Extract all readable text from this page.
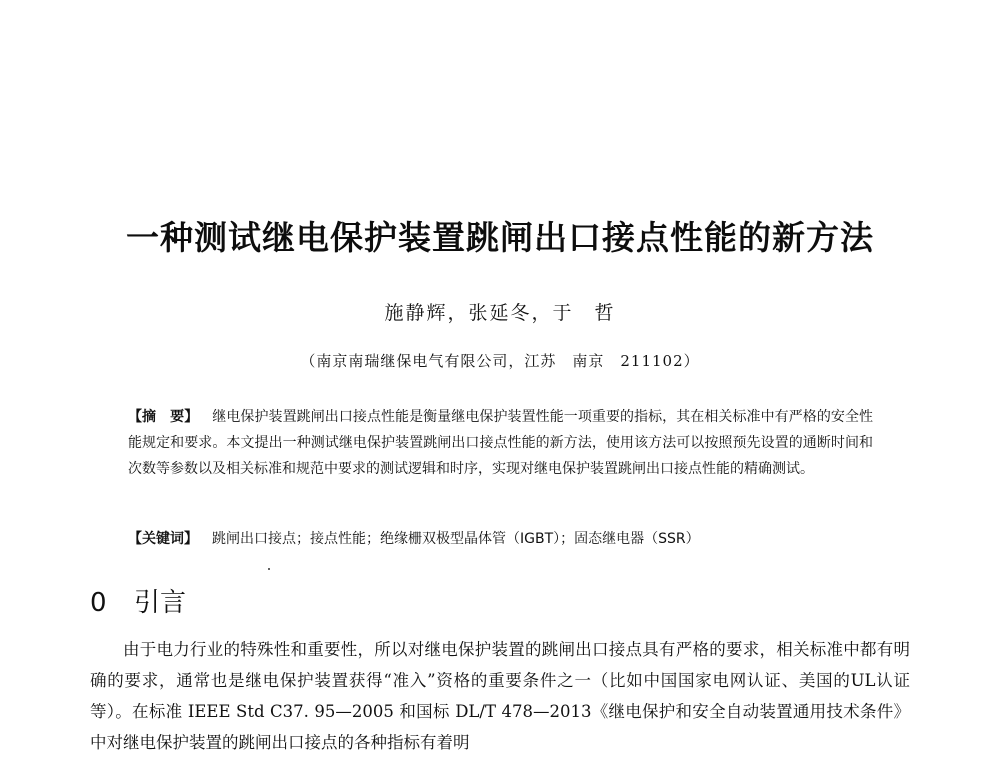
一种测试继电保护装置跳闸出口接点性能的新方法
施静辉，张延冬，于　哲
（南京南瑞继保电气有限公司，江苏　南京　211102）
【摘　要】 继电保护装置跳闸出口接点性能是衡量继电保护装置性能一项重要的指标，其在相关标准中有严格的安全性能规定和要求。本文提出一种测试继电保护装置跳闸出口接点性能的新方法，使用该方法可以按照预先设置的通断时间和次数等参数以及相关标准和规范中要求的测试逻辑和时序，实现对继电保护装置跳闸出口接点性能的精确测试。
【关键词】 跳闸出口接点；接点性能；绝缘栅双极型晶体管（IGBT）；固态继电器（SSR）
0 引言

由于电力行业的特殊性和重要性，所以对继电保护装置的跳闸出口接点具有严格的要求，相关标准中都有明确的要求，通常也是继电保护装置获得“准入”资格的重要条件之一（比如中国国家电网认证、美国的UL认证等）。在标准 IEEE Std C37. 95—2005 和国标 DL/T 478—2013《继电保护和安全自动装置通用技术条件》中对继电保护装置的跳闸出口接点的各种指标有着明
